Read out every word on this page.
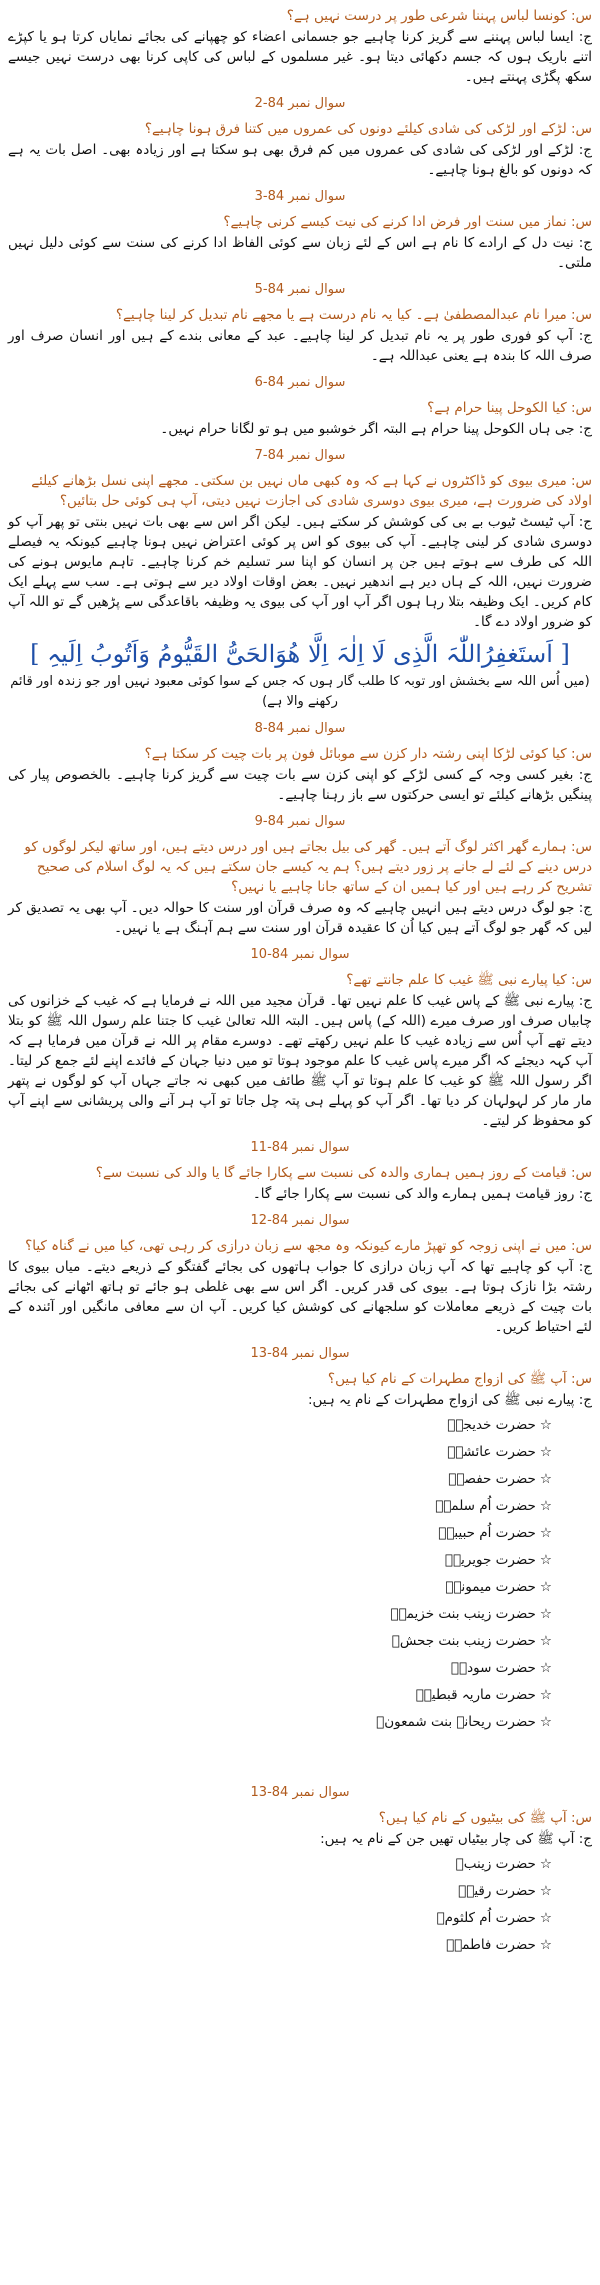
س: کونسا لباس پہننا شرعی طور پر درست نہیں ہے؟
ج: ایسا لباس پہننے سے گریز کرنا چاہیے جو جسمانی اعضاء کو چھپانے کی بجائے نمایاں کرتا ہو یا کپڑے اتنے باریک ہوں کہ جسم دکھائی دیتا ہو۔ غیر مسلموں کے لباس کی کاپی کرنا بھی درست نہیں جیسے سکھ پگڑی پہنتے ہیں۔
سوال نمبر 84-2
س: لڑکے اور لڑکی کی شادی کیلئے دونوں کی عمروں میں کتنا فرق ہونا چاہیے؟
ج: لڑکے اور لڑکی کی شادی کی عمروں میں کم فرق بھی ہو سکتا ہے اور زیادہ بھی۔ اصل بات یہ ہے کہ دونوں کو بالغ ہونا چاہیے۔
سوال نمبر 84-3
س: نماز میں سنت اور فرض ادا کرنے کی نیت کیسے کرنی چاہیے؟
ج: نیت دل کے ارادے کا نام ہے اس کے لئے زبان سے کوئی الفاظ ادا کرنے کی سنت سے کوئی دلیل نہیں ملتی۔
سوال نمبر 84-5
س: میرا نام عبدالمصطفیٰ ہے۔ کیا یہ نام درست ہے یا مجھے نام تبدیل کر لینا چاہیے؟
ج: آپ کو فوری طور پر یہ نام تبدیل کر لینا چاہیے۔ عبد کے معانی بندے کے ہیں اور انسان صرف اور صرف اللہ کا بندہ ہے یعنی عبداللہ ہے۔
سوال نمبر 84-6
س: کیا الکوحل پینا حرام ہے؟
ج: جی ہاں الکوحل پینا حرام ہے البتہ اگر خوشبو میں ہو تو لگانا حرام نہیں۔
سوال نمبر 84-7
س: میری بیوی کو ڈاکٹروں نے کہا ہے کہ وہ کبھی ماں نہیں بن سکتی۔ مجھے اپنی نسل بڑھانے کیلئے اولاد کی ضرورت ہے، میری بیوی دوسری شادی کی اجازت نہیں دیتی، آپ ہی کوئی حل بتائیں؟
ج: آپ ٹیسٹ ٹیوب بے بی کی کوشش کر سکتے ہیں۔ لیکن اگر اس سے بھی بات نہیں بنتی تو پھر آپ کو دوسری شادی کر لینی چاہیے۔ آپ کی بیوی کو اس پر کوئی اعتراض نہیں ہونا چاہیے کیونکہ یہ فیصلے اللہ کی طرف سے ہوتے ہیں جن پر انسان کو اپنا سر تسلیم خم کرنا چاہیے۔ تاہم مایوس ہونے کی ضرورت نہیں، اللہ کے ہاں دیر ہے اندھیر نہیں۔ بعض اوقات اولاد دیر سے ہوتی ہے۔ سب سے پہلے ایک کام کریں۔ ایک وظیفہ بتلا رہا ہوں اگر آپ اور آپ کی بیوی یہ وظیفہ باقاعدگی سے پڑھیں گے تو اللہ آپ کو ضرور اولاد دے گا۔
[ اَستَغفِرُاللّٰہَ الَّذِی لَا اِلٰہَ اِلَّا ھُوَالحَیُّ القَیُّومُ وَاَتُوبُ اِلَیہِ ]
(میں اُس اللہ سے بخشش اور توبہ کا طلب گار ہوں کہ جس کے سوا کوئی معبود نہیں اور جو زندہ اور قائم رکھنے والا ہے)
سوال نمبر 84-8
س: کیا کوئی لڑکا اپنی رشتہ دار کزن سے موبائل فون پر بات چیت کر سکتا ہے؟
ج: بغیر کسی وجہ کے کسی لڑکے کو اپنی کزن سے بات چیت سے گریز کرنا چاہیے۔ بالخصوص پیار کی پینگیں بڑھانے کیلئے تو ایسی حرکتوں سے باز رہنا چاہیے۔
سوال نمبر 84-9
س: ہمارے گھر اکثر لوگ آتے ہیں۔ گھر کی بیل بجاتے ہیں اور درس دیتے ہیں، اور ساتھ لیکر لوگوں کو درس دینے کے لئے لے جانے پر زور دیتے ہیں؟ ہم یہ کیسے جان سکتے ہیں کہ یہ لوگ اسلام کی صحیح تشریح کر رہے ہیں اور کیا ہمیں ان کے ساتھ جانا چاہیے یا نہیں؟
ج: جو لوگ درس دیتے ہیں انہیں چاہیے کہ وہ صرف قرآن اور سنت کا حوالہ دیں۔ آپ بھی یہ تصدیق کر لیں کہ گھر جو لوگ آتے ہیں کیا اُن کا عقیدہ قرآن اور سنت سے ہم آہنگ ہے یا نہیں۔
سوال نمبر 84-10
س: کیا پیارے نبی ﷺ غیب کا علم جانتے تھے؟
ج: پیارے نبی ﷺ کے پاس غیب کا علم نہیں تھا۔ قرآن مجید میں اللہ نے فرمایا ہے کہ غیب کے خزانوں کی چابیاں صرف اور صرف میرے (اللہ کے) پاس ہیں۔ البتہ اللہ تعالیٰ غیب کا جتنا علم رسول اللہ ﷺ کو بتلا دیتے تھے آپ اُس سے زیادہ غیب کا علم نہیں رکھتے تھے۔ دوسرے مقام پر اللہ نے قرآن میں فرمایا ہے کہ آپ کہہ دیجئے کہ اگر میرے پاس غیب کا علم موجود ہوتا تو میں دنیا جہان کے فائدے اپنے لئے جمع کر لیتا۔ اگر رسول اللہ ﷺ کو غیب کا علم ہوتا تو آپ ﷺ طائف میں کبھی نہ جاتے جہاں آپ کو لوگوں نے پتھر مار مار کر لہولہان کر دیا تھا۔ اگر آپ کو پہلے ہی پتہ چل جاتا تو آپ ہر آنے والی پریشانی سے اپنے آپ کو محفوظ کر لیتے۔
سوال نمبر 84-11
س: قیامت کے روز ہمیں ہماری والدہ کی نسبت سے پکارا جائے گا یا والد کی نسبت سے؟
ج: روز قیامت ہمیں ہمارے والد کی نسبت سے پکارا جائے گا۔
سوال نمبر 84-12
س: میں نے اپنی زوجہ کو تھپڑ مارے کیونکہ وہ مجھ سے زبان درازی کر رہی تھی، کیا میں نے گناہ کیا؟
ج: آپ کو چاہیے تھا کہ آپ زبان درازی کا جواب ہاتھوں کی بجائے گفتگو کے ذریعے دیتے۔ میاں بیوی کا رشتہ بڑا نازک ہوتا ہے۔ بیوی کی قدر کریں۔ اگر اس سے بھی غلطی ہو جائے تو ہاتھ اٹھانے کی بجائے بات چیت کے ذریعے معاملات کو سلجھانے کی کوشش کیا کریں۔ آپ ان سے معافی مانگیں اور آئندہ کے لئے احتیاط کریں۔
سوال نمبر 84-13
س: آپ ﷺ کی ازواج مطہرات کے نام کیا ہیں؟
ج: پیارے نبی ﷺ کی ازواج مطہرات کے نام یہ ہیں:
☆حضرت خدیجہؓ
☆حضرت عائشہؓ
☆حضرت حفصہؓ
☆حضرت اُم سلمہؓ
☆حضرت اُم حبیبہؓ
☆حضرت جویریہؓ
☆حضرت میمونہؓ
☆حضرت زینب بنت خزیمہؓ
☆حضرت زینب بنت جحشؓ
☆حضرت سودہؓ
☆حضرت ماریہ قبطیہؓ
☆حضرت ریحانہ بنت شمعونؓ
سوال نمبر 84-13
س: آپ ﷺ کی بیٹیوں کے نام کیا ہیں؟
ج: آپ ﷺ کی چار بیٹیاں تھیں جن کے نام یہ ہیں:
☆حضرت زینبؓ
☆حضرت رقیہؓ
☆حضرت اُم کلثومؓ
☆حضرت فاطمہؓ
